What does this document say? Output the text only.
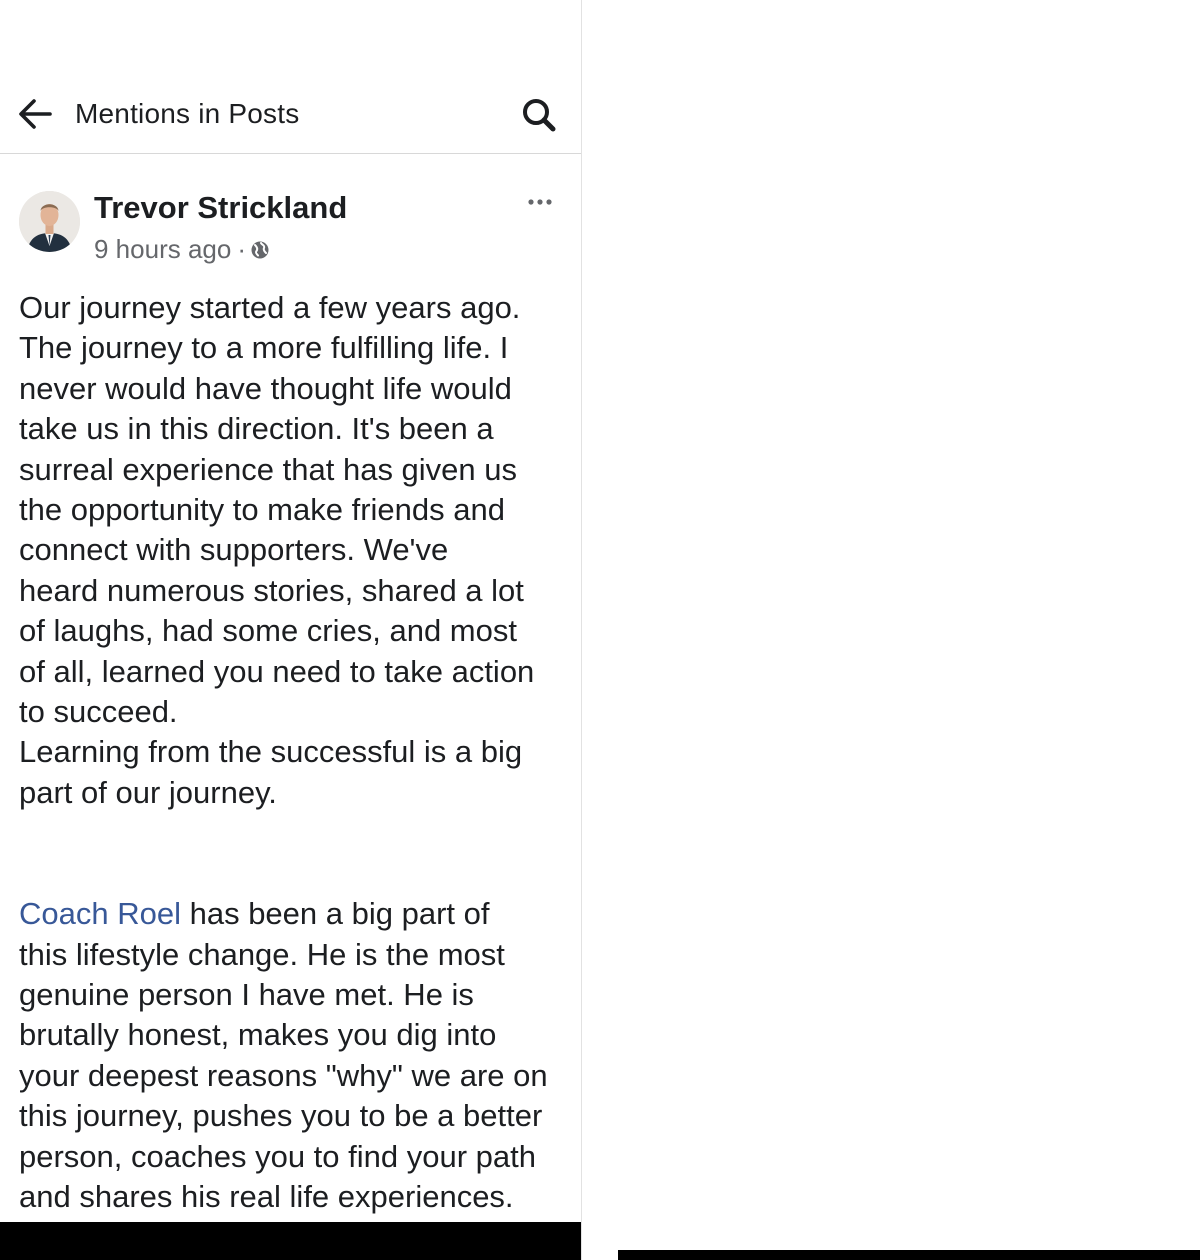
Mentions in Posts
Trevor Strickland
9 hours ago ·
Our journey started a few years ago.
The journey to a more fulfilling life. I
never would have thought life would
take us in this direction. It's been a
surreal experience that has given us
the opportunity to make friends and
connect with supporters. We've
heard numerous stories, shared a lot
of laughs, had some cries, and most
of all, learned you need to take action
to succeed.
Learning from the successful is a big
part of our journey.

Coach Roel has been a big part of
this lifestyle change. He is the most
genuine person I have met. He is
brutally honest, makes you dig into
your deepest reasons "why" we are on
this journey, pushes you to be a better
person, coaches you to find your path
and shares his real life experiences.
